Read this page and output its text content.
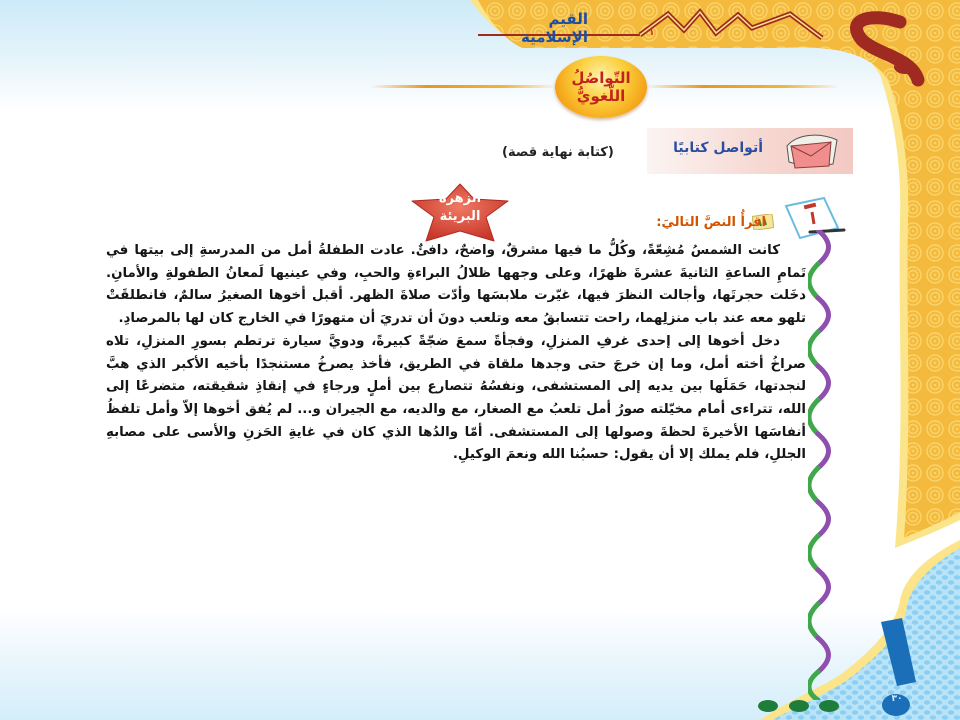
القيم الإسلامية	١
التّواصُلُ
اللّغويُّ
أتواصل كتابيًا
(كتابة نهاية قصة)
الزهرة
البريئة	اقرأُ النصَّ التاليَ:

كانت الشمسُ مُشِعّةً، وكُلُّ ما فيها مشرقٌ، واضحٌ، دافئٌ. عادت الطفلةُ أمل من المدرسةِ إلى بيتها في تَمامِ الساعةِ الثانيةَ عشرةَ ظهرًا، وعلى وجهها ظلالُ البراءةِ والحبِ، وفي عينيها لَمعانُ الطفولةِ والأمانِ. دخَلت حجرتَها، وأجالت النظرَ فيها، غيّرت ملابسَها وأدّت صلاةَ الظهر. أقبل أخوها الصغيرُ سالمٌ، فانطلقَتْ تلهو معه عند باب منزلِهما، راحت تتسابقُ معه وتلعب دونَ أن تدريَ أن متهورًا في الخارج كان لها بالمرصادِ.

دخل أخوها إلى إحدى غرفِ المنزلِ، وفجأةً سمعَ ضجّةً كبيرةً، ودويَّ سيارة ترتطم بسورِ المنزلِ، تلاه صراخُ أخته أمل، وما إن خرجَ حتى وجدها ملقاة في الطريق، فأخذ يصرخُ مستنجدًا بأخيه الأكبر الذي هبَّ لنجدتها، حَمَلَها بين يديه إلى المستشفى، ونفسُهُ تتصارع بين أملٍ ورجاءٍ في إنقاذِ شقيقته، متضرعًا إلى الله، تتراءى أمام مخيّلته صورُ أمل تلعبُ مع الصغار، مع والديه، مع الجيران و... لم يُفق أخوها إلاّ وأمل تلفظُ أنفاسَها الأخيرةَ لحظةَ وصولها إلى المستشفى. أمّا والدُها الذي كان في غايةِ الحَزنِ والأسى على مصابهِ الجللِ، فلم يملك إلا أن يقول: حسبُنا الله ونعمَ الوكيلِ.

٣٠
